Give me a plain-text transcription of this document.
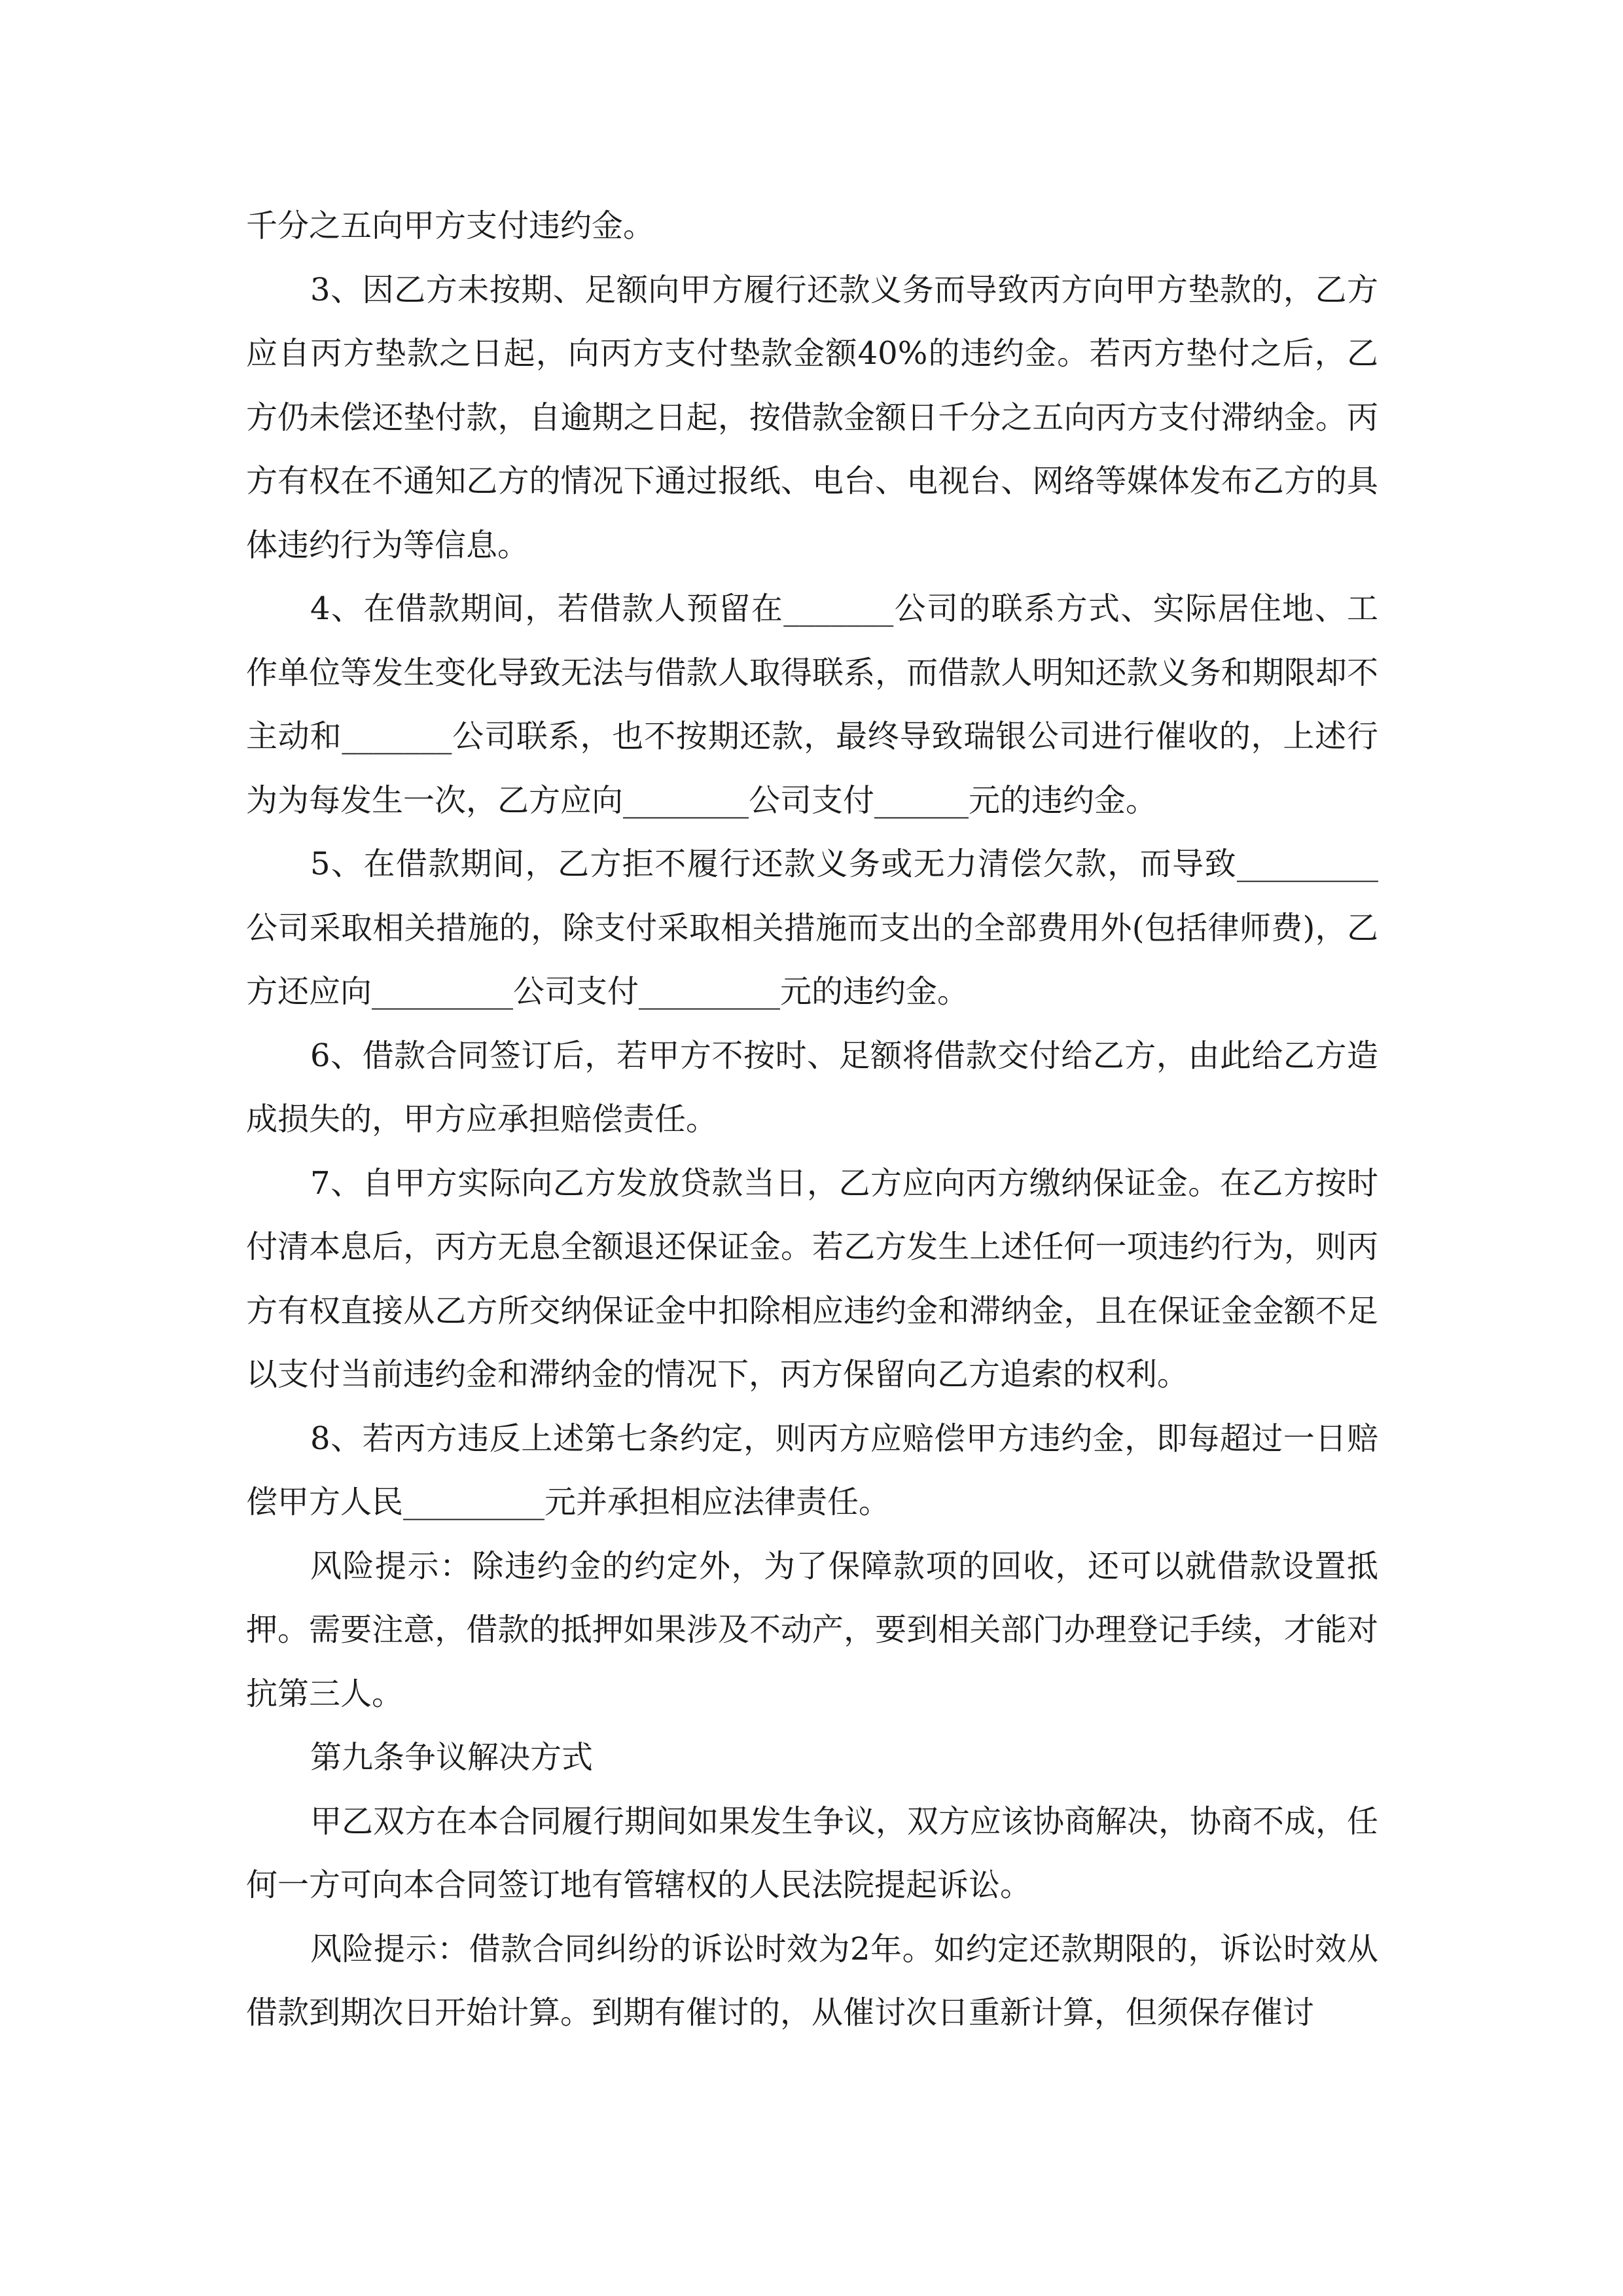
千分之五向甲方支付违约金。

3、因乙方未按期、足额向甲方履行还款义务而导致丙方向甲方垫款的，乙方应自丙方垫款之日起，向丙方支付垫款金额40%的违约金。若丙方垫付之后，乙方仍未偿还垫付款，自逾期之日起，按借款金额日千分之五向丙方支付滞纳金。丙方有权在不通知乙方的情况下通过报纸、电台、电视台、网络等媒体发布乙方的具体违约行为等信息。

4、在借款期间，若借款人预留在_______公司的联系方式、实际居住地、工作单位等发生变化导致无法与借款人取得联系，而借款人明知还款义务和期限却不主动和_______公司联系，也不按期还款，最终导致瑞银公司进行催收的，上述行为为每发生一次，乙方应向________公司支付______元的违约金。

5、在借款期间，乙方拒不履行还款义务或无力清偿欠款，而导致_________公司采取相关措施的，除支付采取相关措施而支出的全部费用外(包括律师费)，乙方还应向_________公司支付_________元的违约金。

6、借款合同签订后，若甲方不按时、足额将借款交付给乙方，由此给乙方造成损失的，甲方应承担赔偿责任。

7、自甲方实际向乙方发放贷款当日，乙方应向丙方缴纳保证金。在乙方按时付清本息后，丙方无息全额退还保证金。若乙方发生上述任何一项违约行为，则丙方有权直接从乙方所交纳保证金中扣除相应违约金和滞纳金，且在保证金金额不足以支付当前违约金和滞纳金的情况下，丙方保留向乙方追索的权利。

8、若丙方违反上述第七条约定，则丙方应赔偿甲方违约金，即每超过一日赔偿甲方人民_________元并承担相应法律责任。

风险提示：除违约金的约定外，为了保障款项的回收，还可以就借款设置抵押。需要注意，借款的抵押如果涉及不动产，要到相关部门办理登记手续，才能对抗第三人。

第九条争议解决方式

甲乙双方在本合同履行期间如果发生争议，双方应该协商解决，协商不成，任何一方可向本合同签订地有管辖权的人民法院提起诉讼。

风险提示：借款合同纠纷的诉讼时效为2年。如约定还款期限的，诉讼时效从借款到期次日开始计算。到期有催讨的，从催讨次日重新计算，但须保存催讨
